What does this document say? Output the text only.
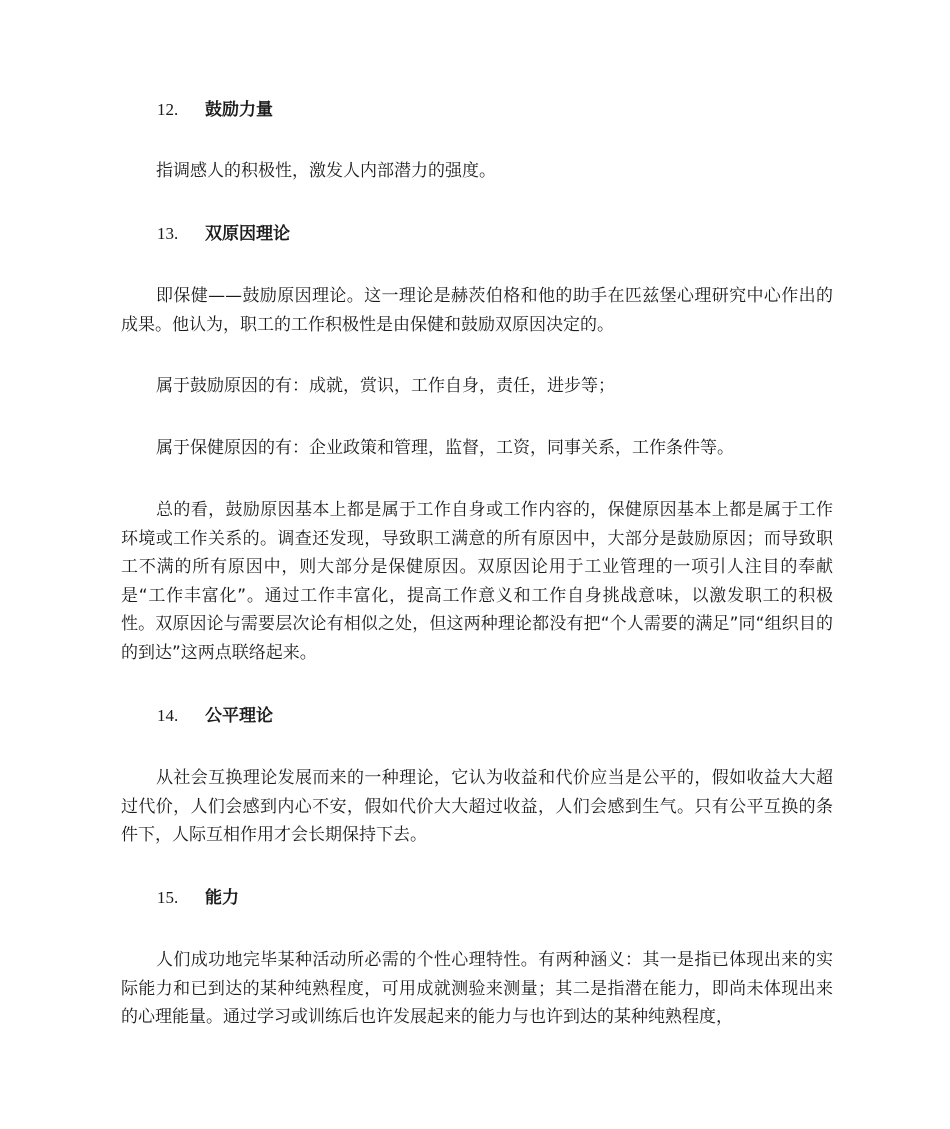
12. 鼓励力量

指调感人的积极性，激发人内部潜力的强度。

13. 双原因理论

即保健——鼓励原因理论。这一理论是赫茨伯格和他的助手在匹兹堡心理研究中心作出的成果。他认为，职工的工作积极性是由保健和鼓励双原因决定的。

属于鼓励原因的有：成就，赏识，工作自身，责任，进步等；

属于保健原因的有：企业政策和管理，监督，工资，同事关系，工作条件等。

总的看，鼓励原因基本上都是属于工作自身或工作内容的，保健原因基本上都是属于工作环境或工作关系的。调查还发现，导致职工满意的所有原因中，大部分是鼓励原因；而导致职工不满的所有原因中，则大部分是保健原因。双原因论用于工业管理的一项引人注目的奉献是“工作丰富化”。通过工作丰富化，提高工作意义和工作自身挑战意味，以激发职工的积极性。双原因论与需要层次论有相似之处，但这两种理论都没有把“个人需要的满足”同“组织目的的到达”这两点联络起来。

14. 公平理论

从社会互换理论发展而来的一种理论，它认为收益和代价应当是公平的，假如收益大大超过代价，人们会感到内心不安，假如代价大大超过收益，人们会感到生气。只有公平互换的条件下，人际互相作用才会长期保持下去。

15. 能力

人们成功地完毕某种活动所必需的个性心理特性。有两种涵义：其一是指已体现出来的实际能力和已到达的某种纯熟程度，可用成就测验来测量；其二是指潜在能力，即尚未体现出来的心理能量。通过学习或训练后也许发展起来的能力与也许到达的某种纯熟程度，
